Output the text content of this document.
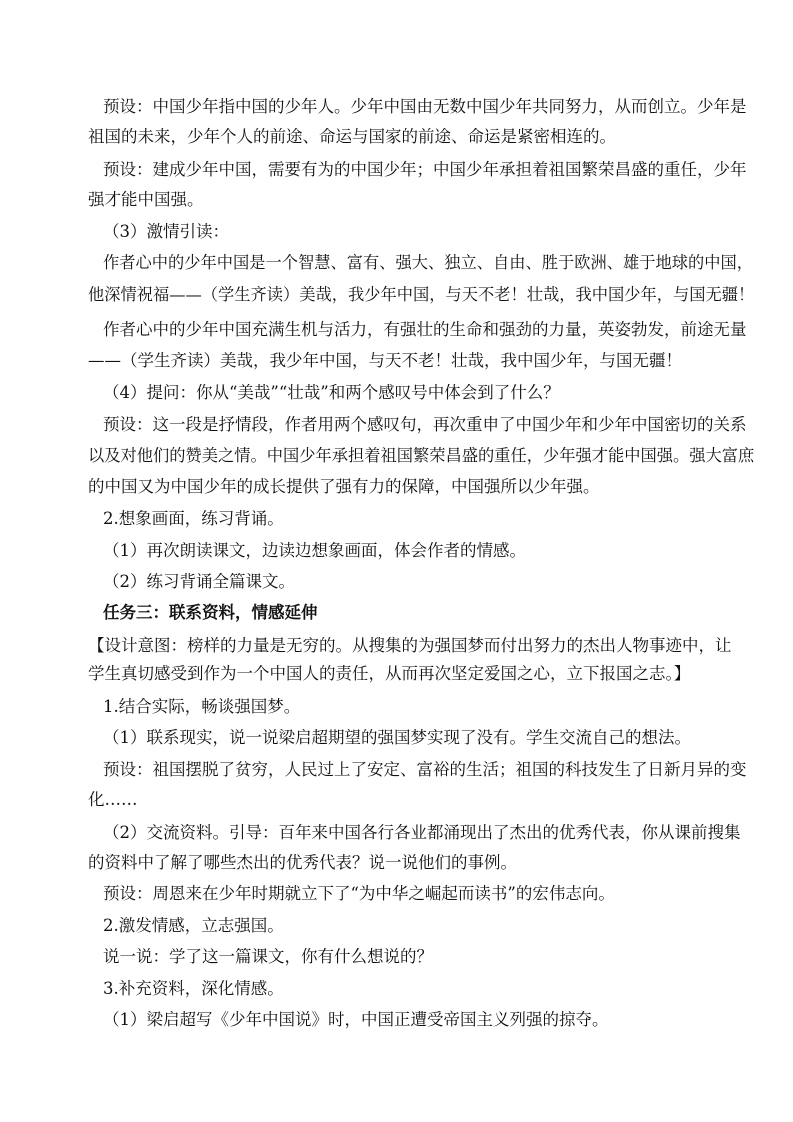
预设：中国少年指中国的少年人。少年中国由无数中国少年共同努力，从而创立。少年是
祖国的未来，少年个人的前途、命运与国家的前途、命运是紧密相连的。
预设：建成少年中国，需要有为的中国少年；中国少年承担着祖国繁荣昌盛的重任，少年
强才能中国强。
（3）激情引读：
作者心中的少年中国是一个智慧、富有、强大、独立、自由、胜于欧洲、雄于地球的中国，
他深情祝福——（学生齐读）美哉，我少年中国，与天不老！壮哉，我中国少年，与国无疆！
作者心中的少年中国充满生机与活力，有强壮的生命和强劲的力量，英姿勃发，前途无量
——（学生齐读）美哉，我少年中国，与天不老！壮哉，我中国少年，与国无疆！
（4）提问：你从“美哉”“壮哉”和两个感叹号中体会到了什么？
预设：这一段是抒情段，作者用两个感叹句，再次重申了中国少年和少年中国密切的关系
以及对他们的赞美之情。中国少年承担着祖国繁荣昌盛的重任，少年强才能中国强。强大富庶
的中国又为中国少年的成长提供了强有力的保障，中国强所以少年强。
2.想象画面，练习背诵。
（1）再次朗读课文，边读边想象画面，体会作者的情感。
（2）练习背诵全篇课文。
任务三：联系资料，情感延伸
【设计意图：榜样的力量是无穷的。从搜集的为强国梦而付出努力的杰出人物事迹中，让
学生真切感受到作为一个中国人的责任，从而再次坚定爱国之心，立下报国之志。】
1.结合实际，畅谈强国梦。
（1）联系现实，说一说梁启超期望的强国梦实现了没有。学生交流自己的想法。
预设：祖国摆脱了贫穷，人民过上了安定、富裕的生活；祖国的科技发生了日新月异的变
化……
（2）交流资料。引导：百年来中国各行各业都涌现出了杰出的优秀代表，你从课前搜集
的资料中了解了哪些杰出的优秀代表？说一说他们的事例。
预设：周恩来在少年时期就立下了“为中华之崛起而读书”的宏伟志向。
2.激发情感，立志强国。
说一说：学了这一篇课文，你有什么想说的？
3.补充资料，深化情感。
（1）梁启超写《少年中国说》时，中国正遭受帝国主义列强的掠夺。
